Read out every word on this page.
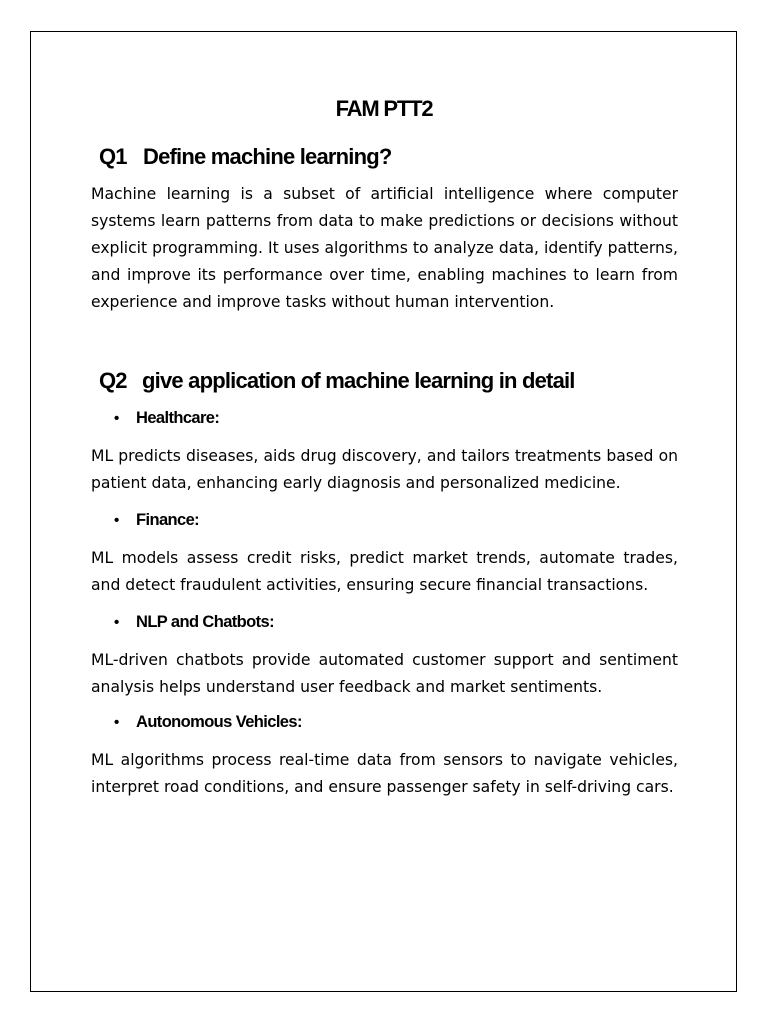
FAM PTT2
Q1 Define machine learning?

Machine learning is a subset of artificial intelligence where computer systems learn patterns from data to make predictions or decisions without explicit programming. It uses algorithms to analyze data, identify patterns, and improve its performance over time, enabling machines to learn from experience and improve tasks without human intervention.

Q2 give application of machine learning in detail
• Healthcare:

ML predicts diseases, aids drug discovery, and tailors treatments based on patient data, enhancing early diagnosis and personalized medicine.

• Finance:

ML models assess credit risks, predict market trends, automate trades, and detect fraudulent activities, ensuring secure financial transactions.

• NLP and Chatbots:

ML-driven chatbots provide automated customer support and sentiment analysis helps understand user feedback and market sentiments.

• Autonomous Vehicles:

ML algorithms process real-time data from sensors to navigate vehicles, interpret road conditions, and ensure passenger safety in self-driving cars.
